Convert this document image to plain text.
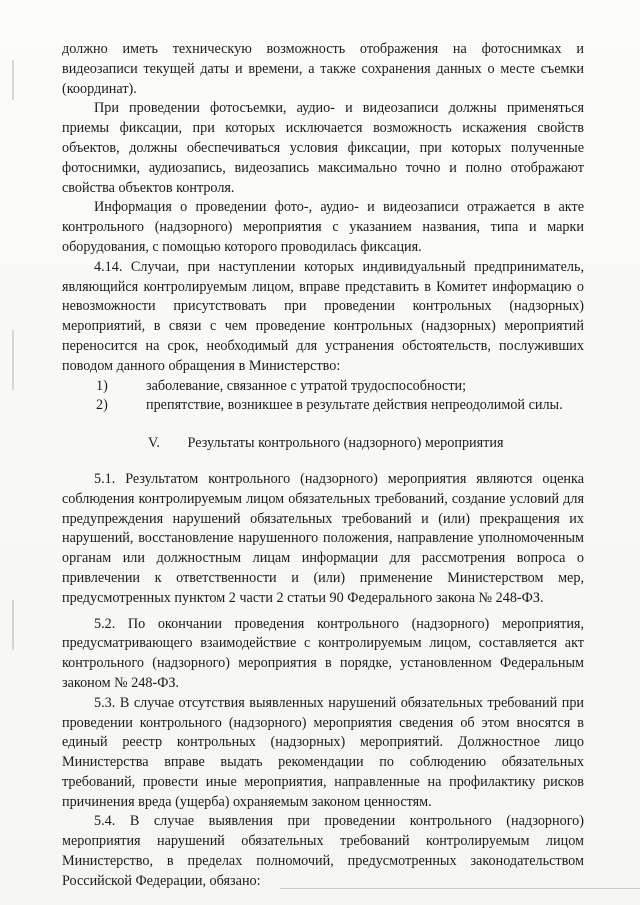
должно иметь техническую возможность отображения на фотоснимках и видеозаписи текущей даты и времени, а также сохранения данных о месте съемки (координат).

При проведении фотосъемки, аудио- и видеозаписи должны применяться приемы фиксации, при которых исключается возможность искажения свойств объектов, должны обеспечиваться условия фиксации, при которых полученные фотоснимки, аудиозапись, видеозапись максимально точно и полно отображают свойства объектов контроля.

Информация о проведении фото-, аудио- и видеозаписи отражается в акте контрольного (надзорного) мероприятия с указанием названия, типа и марки оборудования, с помощью которого проводилась фиксация.

4.14. Случаи, при наступлении которых индивидуальный предприниматель, являющийся контролируемым лицом, вправе представить в Комитет информацию о невозможности присутствовать при проведении контрольных (надзорных) мероприятий, в связи с чем проведение контрольных (надзорных) мероприятий переносится на срок, необходимый для устранения обстоятельств, послуживших поводом данного обращения в Министерство:

1)	заболевание, связанное с утратой трудоспособности;
2)	препятствие, возникшее в результате действия непреодолимой силы.
V. Результаты контрольного (надзорного) мероприятия

5.1. Результатом контрольного (надзорного) мероприятия являются оценка соблюдения контролируемым лицом обязательных требований, создание условий для предупреждения нарушений обязательных требований и (или) прекращения их нарушений, восстановление нарушенного положения, направление уполномоченным органам или должностным лицам информации для рассмотрения вопроса о привлечении к ответственности и (или) применение Министерством мер, предусмотренных пунктом 2 части 2 статьи 90 Федерального закона № 248-ФЗ.

5.2. По окончании проведения контрольного (надзорного) мероприятия, предусматривающего взаимодействие с контролируемым лицом, составляется акт контрольного (надзорного) мероприятия в порядке, установленном Федеральным законом № 248-ФЗ.

5.3. В случае отсутствия выявленных нарушений обязательных требований при проведении контрольного (надзорного) мероприятия сведения об этом вносятся в единый реестр контрольных (надзорных) мероприятий. Должностное лицо Министерства вправе выдать рекомендации по соблюдению обязательных требований, провести иные мероприятия, направленные на профилактику рисков причинения вреда (ущерба) охраняемым законом ценностям.

5.4. В случае выявления при проведении контрольного (надзорного) мероприятия нарушений обязательных требований контролируемым лицом Министерство, в пределах полномочий, предусмотренных законодательством Российской Федерации, обязано:
